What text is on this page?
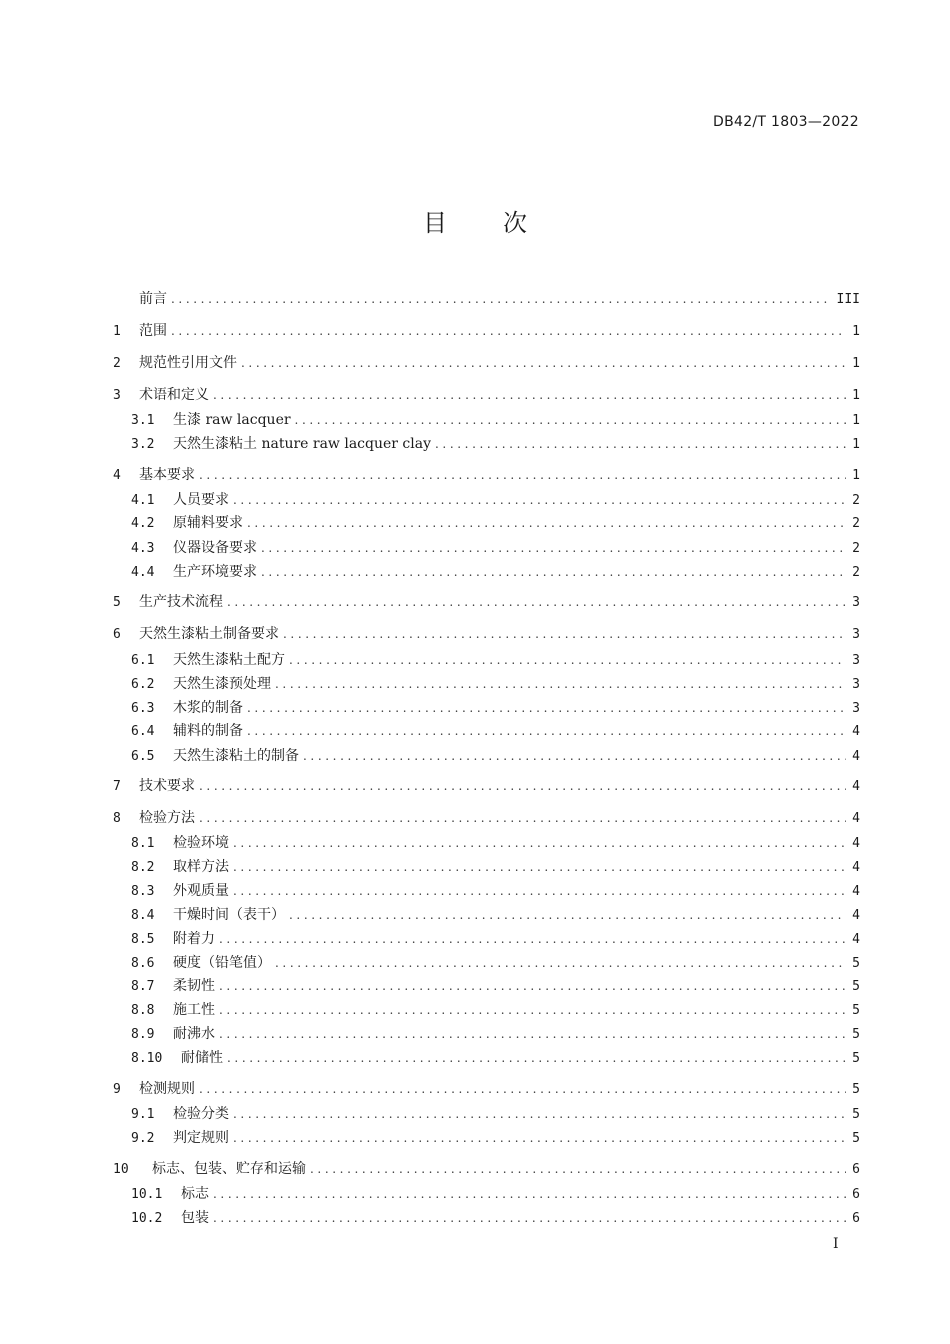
DB42/T 1803—2022
目 次
前言 .....	III
1	范围 .....	1
2	规范性引用文件 .....	1
3	术语和定义 .....	1
3.1	生漆 raw lacquer .....	1
3.2	天然生漆粘土 nature raw lacquer clay .....	1
4	基本要求 .....	1
4.1	人员要求 .....	2
4.2	原辅料要求 .....	2
4.3	仪器设备要求 .....	2
4.4	生产环境要求 .....	2
5	生产技术流程 .....	3
6	天然生漆粘土制备要求 .....	3
6.1	天然生漆粘土配方 .....	3
6.2	天然生漆预处理 .....	3
6.3	木浆的制备 .....	3
6.4	辅料的制备 .....	4
6.5	天然生漆粘土的制备 .....	4
7	技术要求 .....	4
8	检验方法 .....	4
8.1	检验环境 .....	4
8.2	取样方法 .....	4
8.3	外观质量 .....	4
8.4	干燥时间（表干） .....	4
8.5	附着力 .....	4
8.6	硬度（铅笔值） .....	5
8.7	柔韧性 .....	5
8.8	施工性 .....	5
8.9	耐沸水 .....	5
8.10	耐储性 .....	5
9	检测规则 .....	5
9.1	检验分类 .....	5
9.2	判定规则 .....	5
10	标志、包装、贮存和运输 .....	6
10.1	标志 .....	6
10.2	包装 .....	6
I
